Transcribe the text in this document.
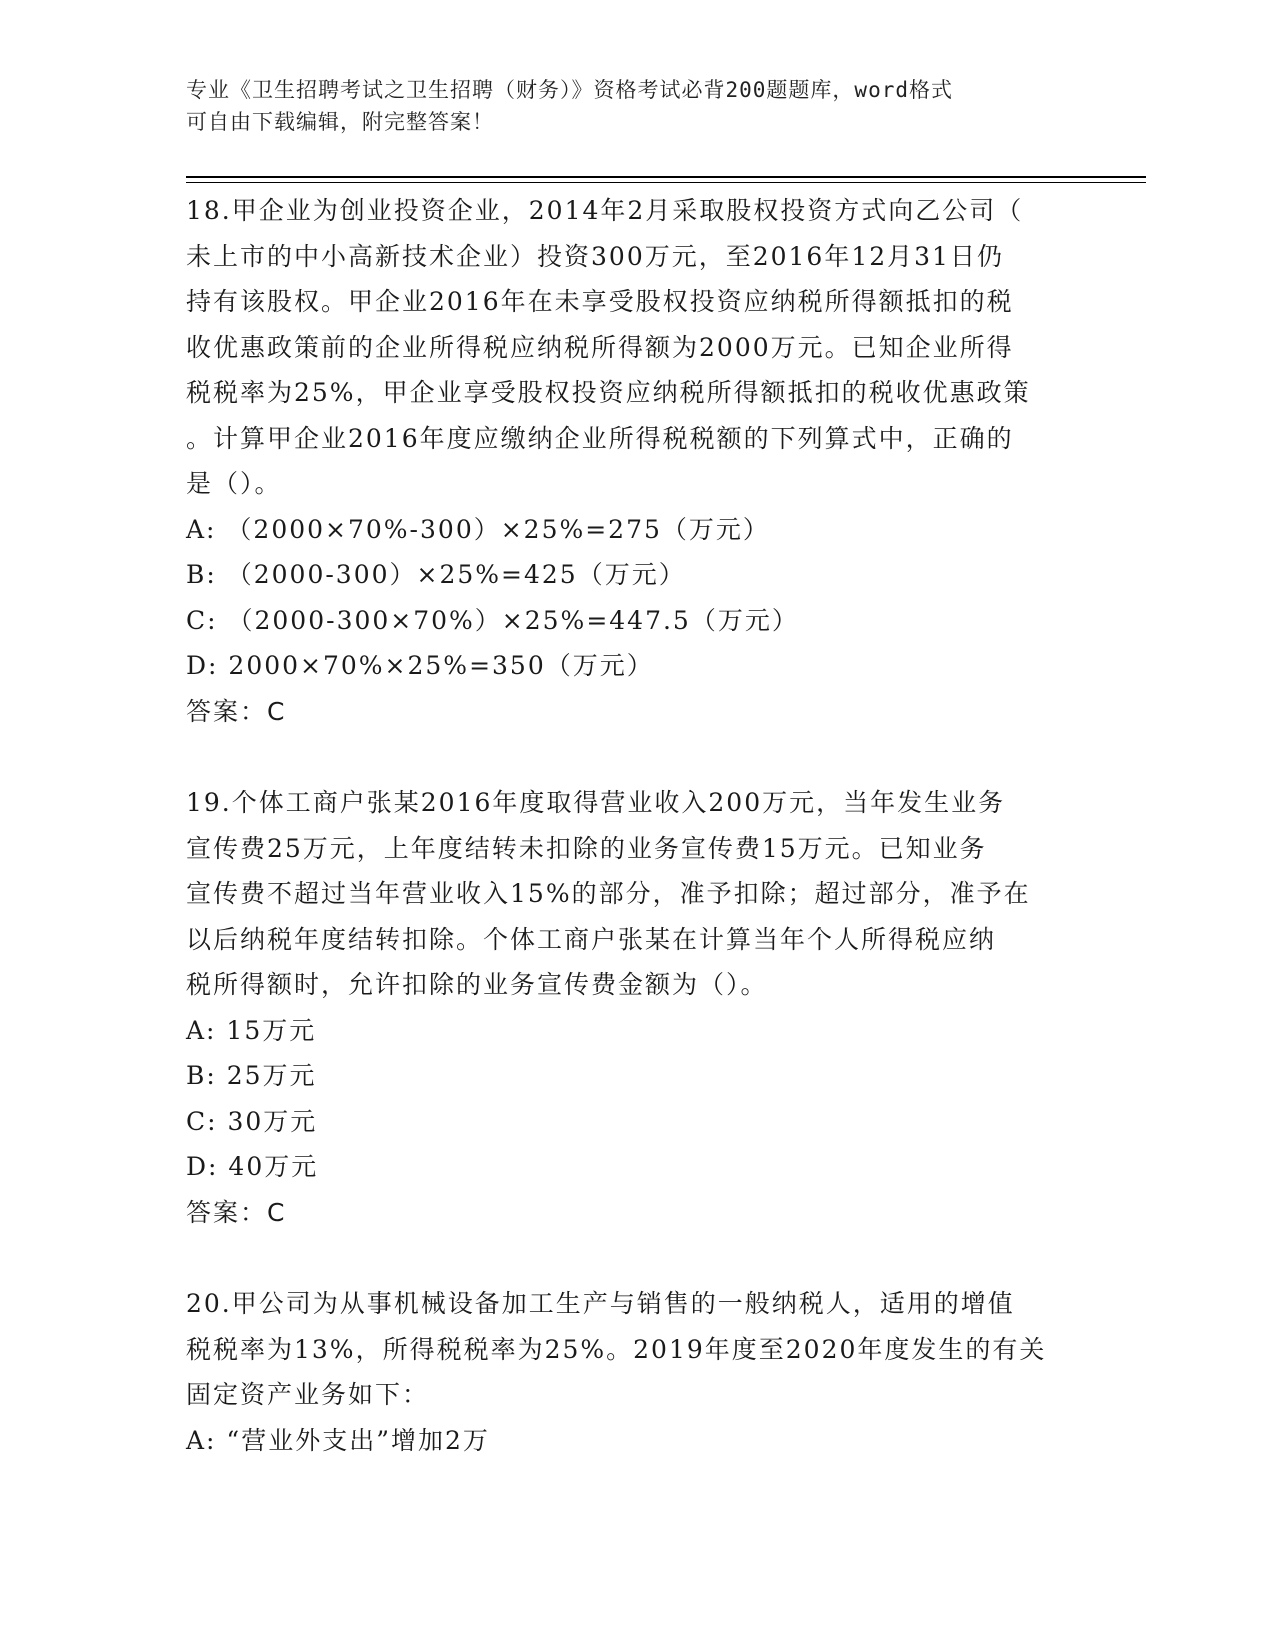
专业《卫生招聘考试之卫生招聘（财务）》资格考试必背200题题库，word格式
可自由下载编辑，附完整答案！
18.甲企业为创业投资企业，2014年2月采取股权投资方式向乙公司（
未上市的中小高新技术企业）投资300万元，至2016年12月31日仍
持有该股权。甲企业2016年在未享受股权投资应纳税所得额抵扣的税
收优惠政策前的企业所得税应纳税所得额为2000万元。已知企业所得
税税率为25%，甲企业享受股权投资应纳税所得额抵扣的税收优惠政策
。计算甲企业2016年度应缴纳企业所得税税额的下列算式中，正确的
是（）。
A: （2000×70%-300）×25%=275（万元）
B: （2000-300）×25%=425（万元）
C: （2000-300×70%）×25%=447.5（万元）
D: 2000×70%×25%=350（万元）
答案：C
19.个体工商户张某2016年度取得营业收入200万元，当年发生业务
宣传费25万元，上年度结转未扣除的业务宣传费15万元。已知业务
宣传费不超过当年营业收入15%的部分，准予扣除；超过部分，准予在
以后纳税年度结转扣除。个体工商户张某在计算当年个人所得税应纳
税所得额时，允许扣除的业务宣传费金额为（）。
A: 15万元
B: 25万元
C: 30万元
D: 40万元
答案：C
20.甲公司为从事机械设备加工生产与销售的一般纳税人，适用的增值
税税率为13%，所得税税率为25%。2019年度至2020年度发生的有关
固定资产业务如下：
A: “营业外支出”增加2万
